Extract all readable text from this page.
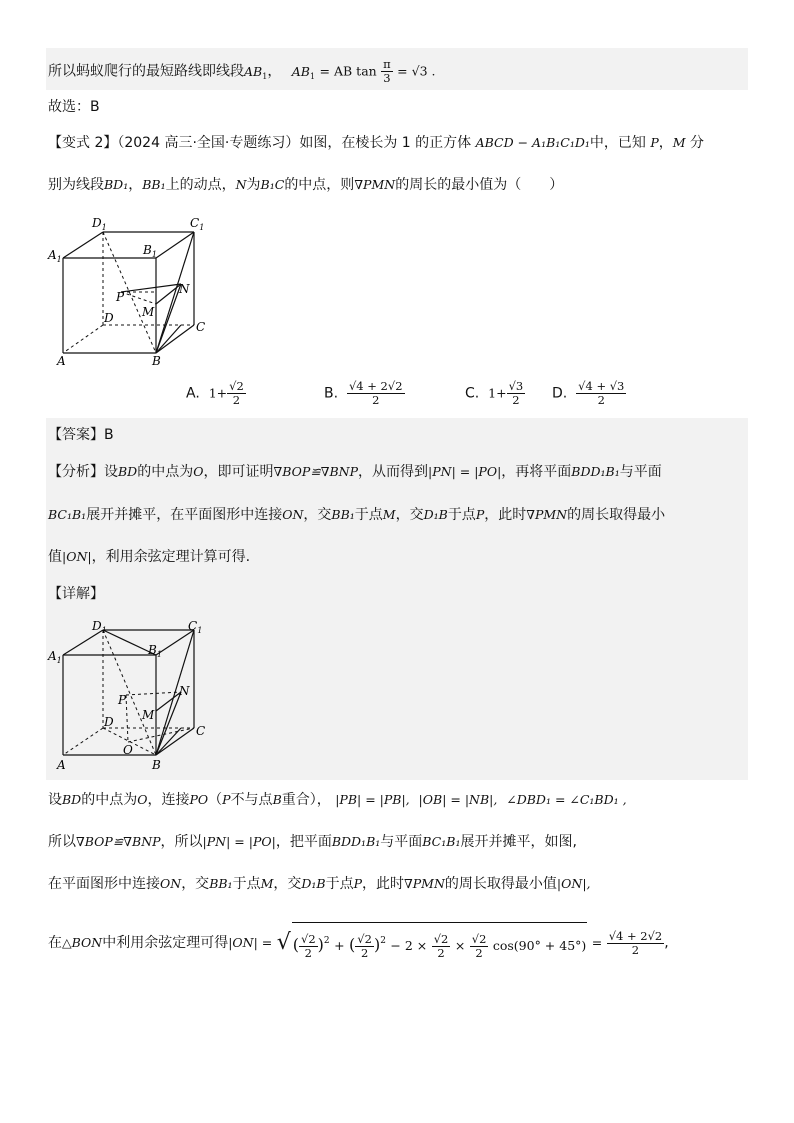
所以蚂蚁爬行的最短路线即线段$AB_1$， $AB_1$ = AB $\tan \frac{\pi}{3} = √3$ .
故选：B
【变式 2】（2024 高三·全国·专题练习）如图，在棱长为 1 的正方体 ABCD − A₁B₁C₁D₁中，已知 P，M 分
别为线段BD₁，BB₁上的动点，N为B₁C的中点，则∇PMN的周长的最小值为（　　）
$D_1$	$C_1$
$A_1$
$B_1$
P
M
N
D
C
A	B
A. $1+ \frac{√2}{2}$	B. $\frac{√4 + 2√2}{2}$	C. $1+ \frac{√3}{2} D$. $\frac{√4 + √3}{2}$
【答案】B
【分析】设BD的中点为O，即可证明∇BOP≌∇BNP，从而得到|PN| = |PO|，再将平面BDD₁B₁与平面
BC₁B₁展开并摊平，在平面图形中连接ON，交BB₁于点M，交D₁B于点P，此时∇PMN的周长取得最小
值|ON|，利用余弦定理计算可得.
【详解】
$D_1$	$C_1$
$A_1$
$B_1$
P
M
N
D
O
C
A	B
设BD的中点为O，连接PO（P不与点B重合）， |PB| = |PB|, |OB| = |NB|, ∠DBD₁ = ∠C₁BD₁ ,
所以∇BOP≌∇BNP，所以|PN| = |PO|，把平面BDD₁B₁与平面BC₁B₁展开并摊平，如图,
在平面图形中连接ON，交BB₁于点M，交D₁B于点P，此时∇PMN的周长取得最小值|ON|,
在△BON中利用余弦定理可得|ON| = √ ( $\frac{√2}{2} )^2$ + ( $\frac{√2}{2} )^2 - 2 \times \frac{√2}{2} \times \frac{√2}{2} \cos(90^\circ + 45^\circ) = \frac{√4 + 2√2}{2}$ ,
